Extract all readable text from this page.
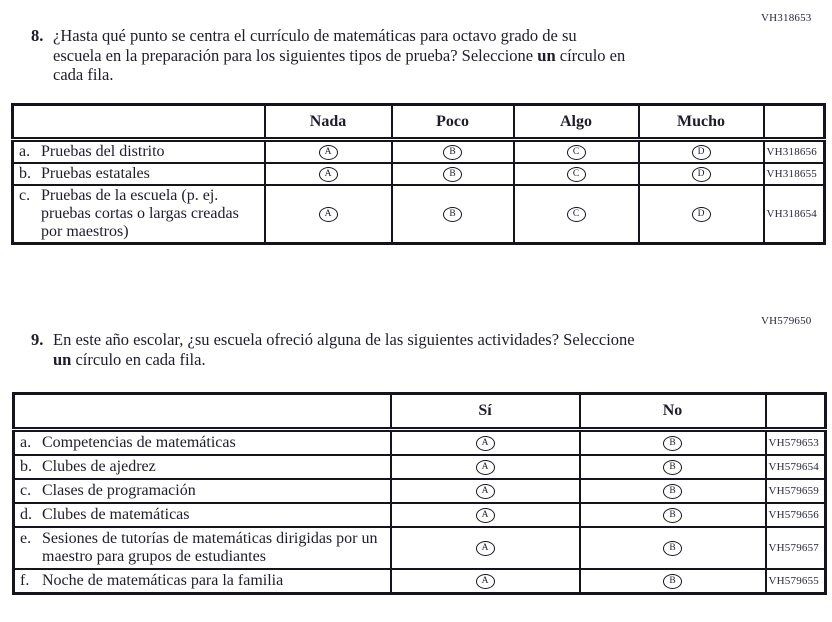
VH318653
8. ¿Hasta qué punto se centra el currículo de matemáticas para octavo grado de su
escuela en la preparación para los siguientes tipos de prueba? Seleccione un círculo en
cada fila.
	Nada	Poco	Algo	Mucho	

a. Pruebas del distrito	A	B	C	D	VH318656

b. Pruebas estatales	A	B	C	D	VH318655

c. Pruebas de la escuela (p. ej. pruebas cortas o largas creadas por maestros)	A	B	C	D	VH318654
VH579650
9. En este año escolar, ¿su escuela ofreció alguna de las siguientes actividades? Seleccione
un círculo en cada fila.
	Sí	No	

a. Competencias de matemáticas	A	B	VH579653

b. Clubes de ajedrez	A	B	VH579654

c. Clases de programación	A	B	VH579659

d. Clubes de matemáticas	A	B	VH579656

e. Sesiones de tutorías de matemáticas dirigidas por un maestro para grupos de estudiantes	A	B	VH579657

f. Noche de matemáticas para la familia	A	B	VH579655
